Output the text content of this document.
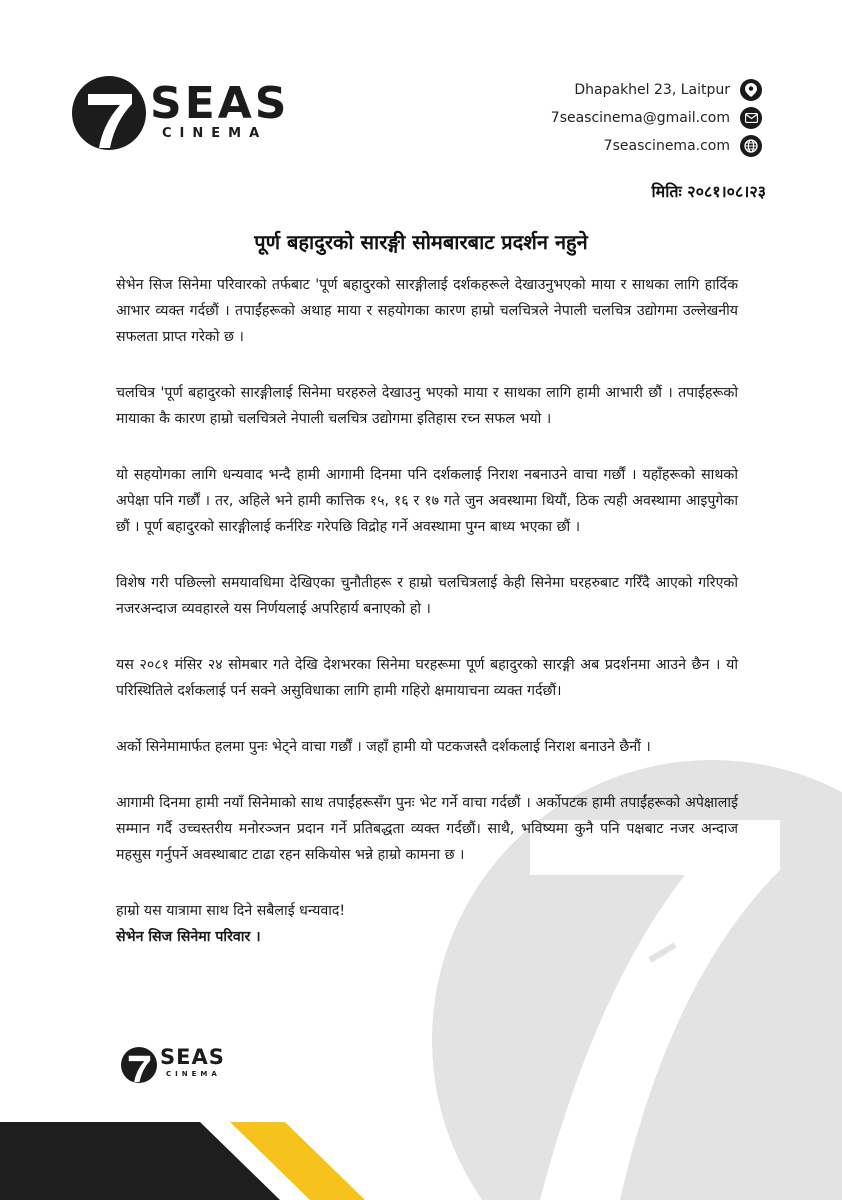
SEAS
CINEMA
Dhapakhel 23, Laitpur
7seascinema@gmail.com
7seascinema.com
मितिः २०८१।०८।२३
पूर्ण बहादुरको सारङ्गी सोमबारबाट प्रदर्शन नहुने

सेभेन सिज सिनेमा परिवारको तर्फबाट 'पूर्ण बहादुरको सारङ्गीलाई दर्शकहरूले देखाउनुभएको माया र साथका लागि हार्दिक आभार व्यक्त गर्दछौं । तपाईंहरूको अथाह माया र सहयोगका कारण हाम्रो चलचित्रले नेपाली चलचित्र उद्योगमा उल्लेखनीय सफलता प्राप्त गरेको छ ।

चलचित्र 'पूर्ण बहादुरको सारङ्गीलाई सिनेमा घरहरुले देखाउनु भएको माया र साथका लागि हामी आभारी छौं । तपाईंहरूको मायाका कै कारण हाम्रो चलचित्रले नेपाली चलचित्र उद्योगमा इतिहास रच्न सफल भयो ।

यो सहयोगका लागि धन्यवाद भन्दै हामी आगामी दिनमा पनि दर्शकलाई निराश नबनाउने वाचा गर्छौं । यहाँहरूको साथको अपेक्षा पनि गर्छौं । तर, अहिले भने हामी कात्तिक १५, १६ र १७ गते जुन अवस्थामा थियौं, ठिक त्यही अवस्थामा आइपुगेका छौं । पूर्ण बहादुरको सारङ्गीलाई कर्नरिङ गरेपछि विद्रोह गर्ने अवस्थामा पुग्न बाध्य भएका छौं ।

विशेष गरी पछिल्लो समयावधिमा देखिएका चुनौतीहरू र हाम्रो चलचित्रलाई केही सिनेमा घरहरुबाट गरिँदै आएको गरिएको नजरअन्दाज व्यवहारले यस निर्णयलाई अपरिहार्य बनाएको हो ।

यस २०८१ मंसिर २४ सोमबार गते देखि देशभरका सिनेमा घरहरूमा पूर्ण बहादुरको सारङ्गी अब प्रदर्शनमा आउने छैन । यो परिस्थितिले दर्शकलाई पर्न सक्ने असुविधाका लागि हामी गहिरो क्षमायाचना व्यक्त गर्दछौं।

अर्को सिनेमामार्फत हलमा पुनः भेट्ने वाचा गर्छौं । जहाँ हामी यो पटकजस्तै दर्शकलाई निराश बनाउने छैनौं ।

आगामी दिनमा हामी नयाँ सिनेमाको साथ तपाईंहरूसँग पुनः भेट गर्ने वाचा गर्दछौं । अर्कोपटक हामी तपाईंहरूको अपेक्षालाई सम्मान गर्दै उच्चस्तरीय मनोरञ्जन प्रदान गर्ने प्रतिबद्धता व्यक्त गर्दछौं। साथै, भविष्यमा कुनै पनि पक्षबाट नजर अन्दाज महसुस गर्नुपर्ने अवस्थाबाट टाढा रहन सकियोस भन्ने हाम्रो कामना छ ।

हाम्रो यस यात्रामा साथ दिने सबैलाई धन्यवाद!

सेभेन सिज सिनेमा परिवार ।

SEAS
CINEMA
